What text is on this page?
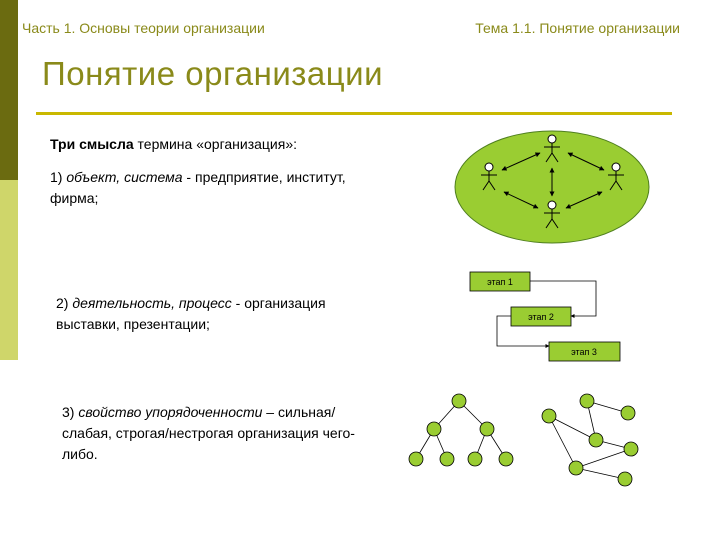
Часть 1. Основы теории организации	Тема 1.1. Понятие организации
Понятие организации
Три смысла термина «организация»:
1) объект, система - предприятие, институт, фирма;
2) деятельность, процесс - организация выставки, презентации;
3) свойство упорядоченности – сильная/слабая, строгая/нестрогая организация чего-либо.
этап 1
этап 2
этап 3
